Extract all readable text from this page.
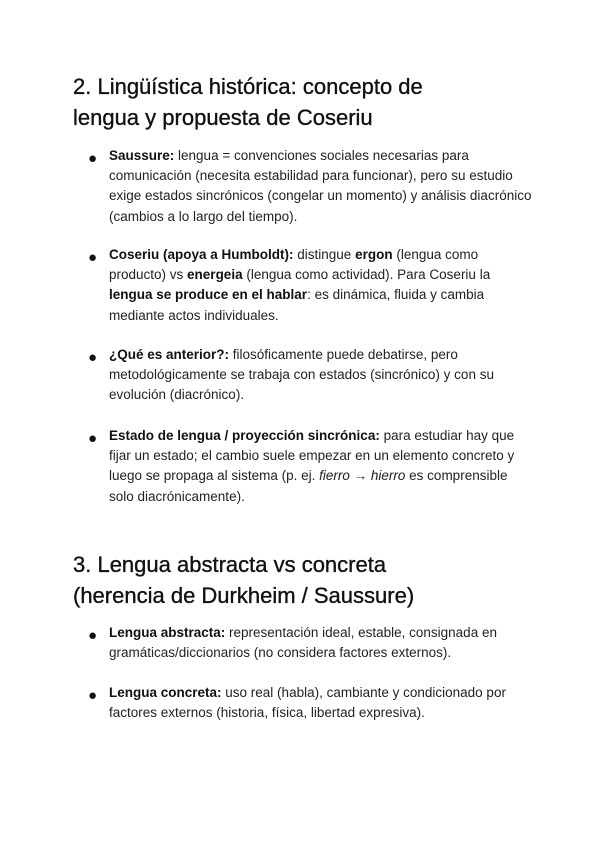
2. Lingüística histórica: concepto de
lengua y propuesta de Coseriu
● Saussure: lengua = convenciones sociales necesarias para comunicación (necesita estabilidad para funcionar), pero su estudio exige estados sincrónicos (congelar un momento) y análisis diacrónico (cambios a lo largo del tiempo).

● Coseriu (apoya a Humboldt): distingue ergon (lengua como producto) vs energeia (lengua como actividad). Para Coseriu la lengua se produce en el hablar: es dinámica, fluida y cambia mediante actos individuales.

● ¿Qué es anterior?: filosóficamente puede debatirse, pero metodológicamente se trabaja con estados (sincrónico) y con su evolución (diacrónico).

● Estado de lengua / proyección sincrónica: para estudiar hay que fijar un estado; el cambio suele empezar en un elemento concreto y luego se propaga al sistema (p. ej. fierro → hierro es comprensible solo diacrónicamente).

3. Lengua abstracta vs concreta
(herencia de Durkheim / Saussure)
● Lengua abstracta: representación ideal, estable, consignada en gramáticas/diccionarios (no considera factores externos).

● Lengua concreta: uso real (habla), cambiante y condicionado por factores externos (historia, física, libertad expresiva).
